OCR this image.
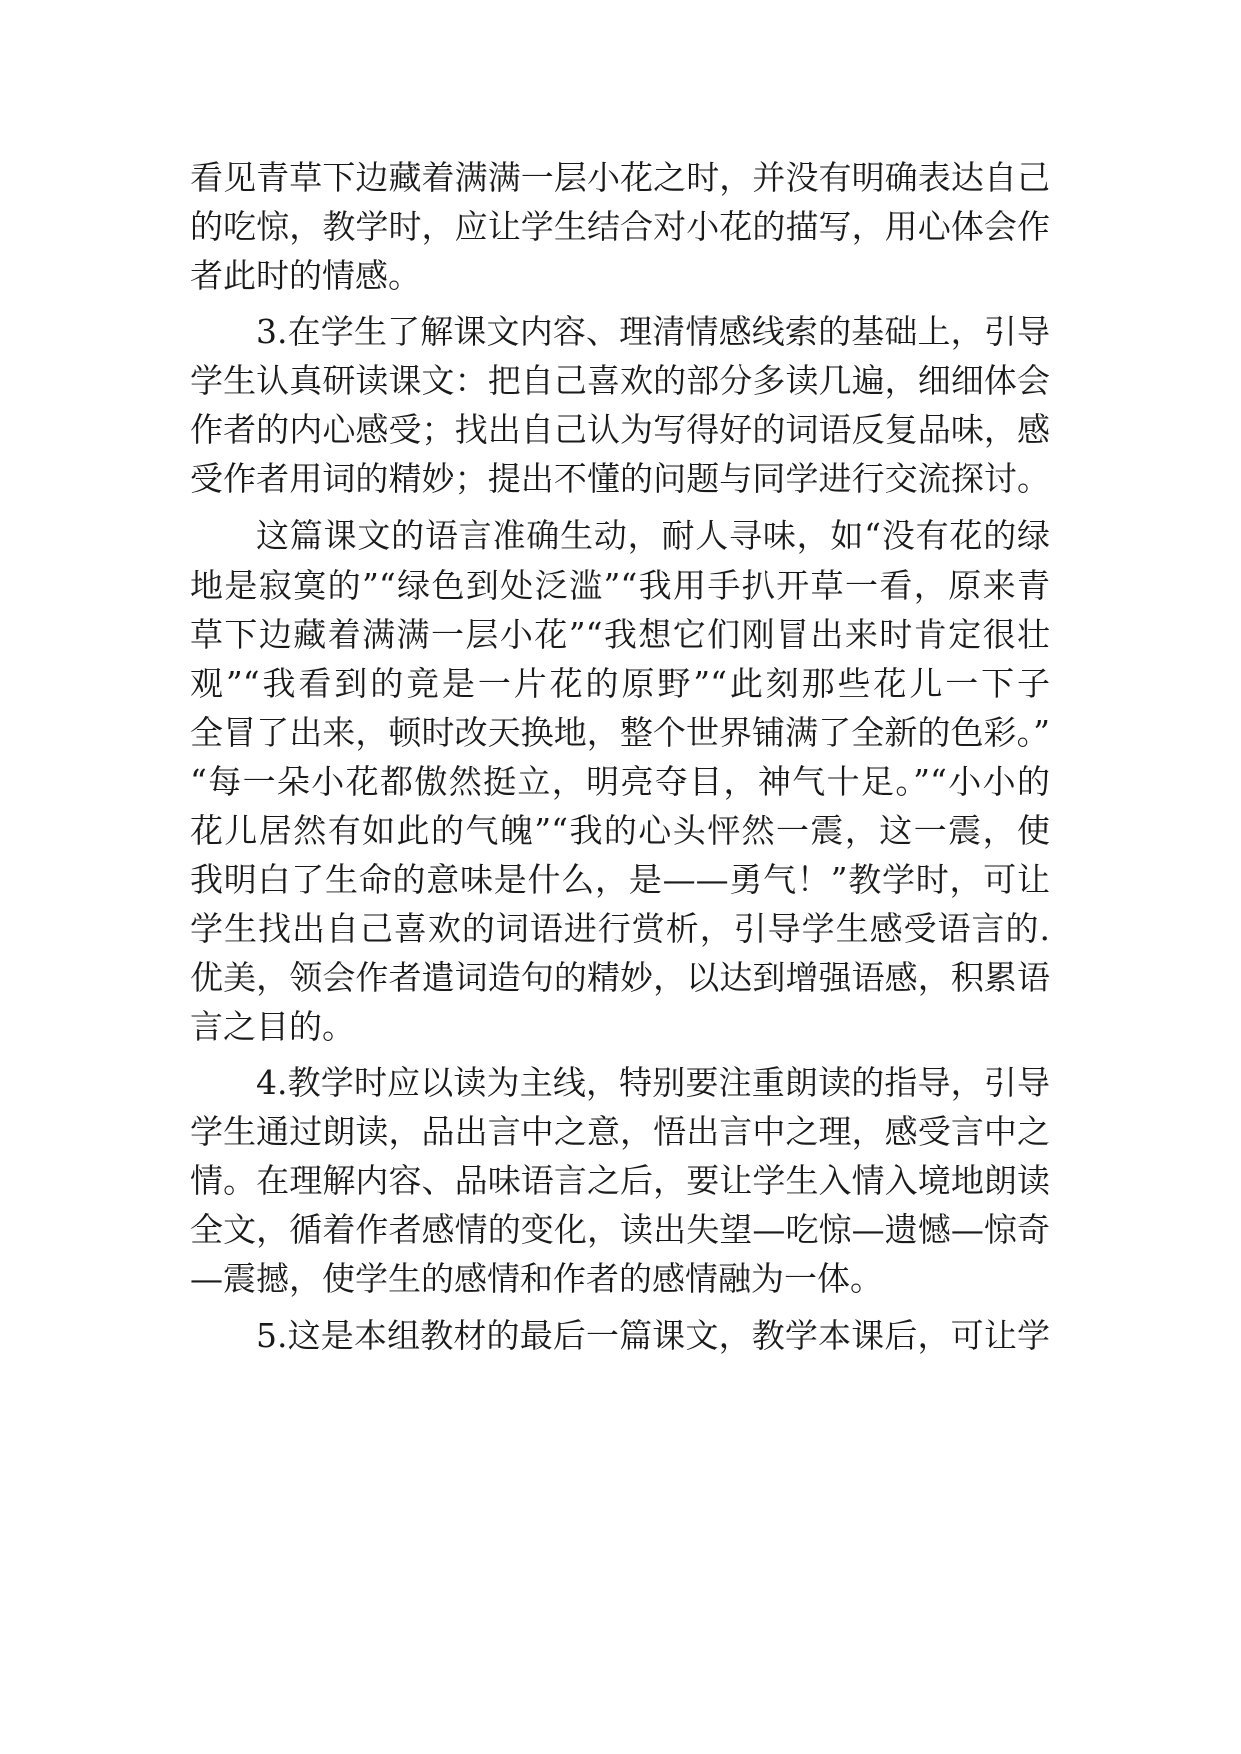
看见青草下边藏着满满一层小花之时，并没有明确表达自己
的吃惊，教学时，应让学生结合对小花的描写，用心体会作
者此时的情感。
3.在学生了解课文内容、理清情感线索的基础上，引导
学生认真研读课文：把自己喜欢的部分多读几遍，细细体会
作者的内心感受；找出自己认为写得好的词语反复品味，感
受作者用词的精妙；提出不懂的问题与同学进行交流探讨。
这篇课文的语言准确生动，耐人寻味，如“没有花的绿
地是寂寞的”“绿色到处泛滥”“我用手扒开草一看，原来青
草下边藏着满满一层小花”“我想它们刚冒出来时肯定很壮
观”“我看到的竟是一片花的原野”“此刻那些花儿一下子
全冒了出来，顿时改天换地，整个世界铺满了全新的色彩。”
“每一朵小花都傲然挺立，明亮夺目，神气十足。”“小小的
花儿居然有如此的气魄”“我的心头怦然一震，这一震，使
我明白了生命的意味是什么，是——勇气！”教学时，可让
学生找出自己喜欢的词语进行赏析，引导学生感受语言的.
优美，领会作者遣词造句的精妙，以达到增强语感，积累语
言之目的。
4.教学时应以读为主线，特别要注重朗读的指导，引导
学生通过朗读，品出言中之意，悟出言中之理，感受言中之
情。在理解内容、品味语言之后，要让学生入情入境地朗读
全文，循着作者感情的变化，读出失望—吃惊—遗憾—惊奇
—震撼，使学生的感情和作者的感情融为一体。
5.这是本组教材的最后一篇课文，教学本课后，可让学
